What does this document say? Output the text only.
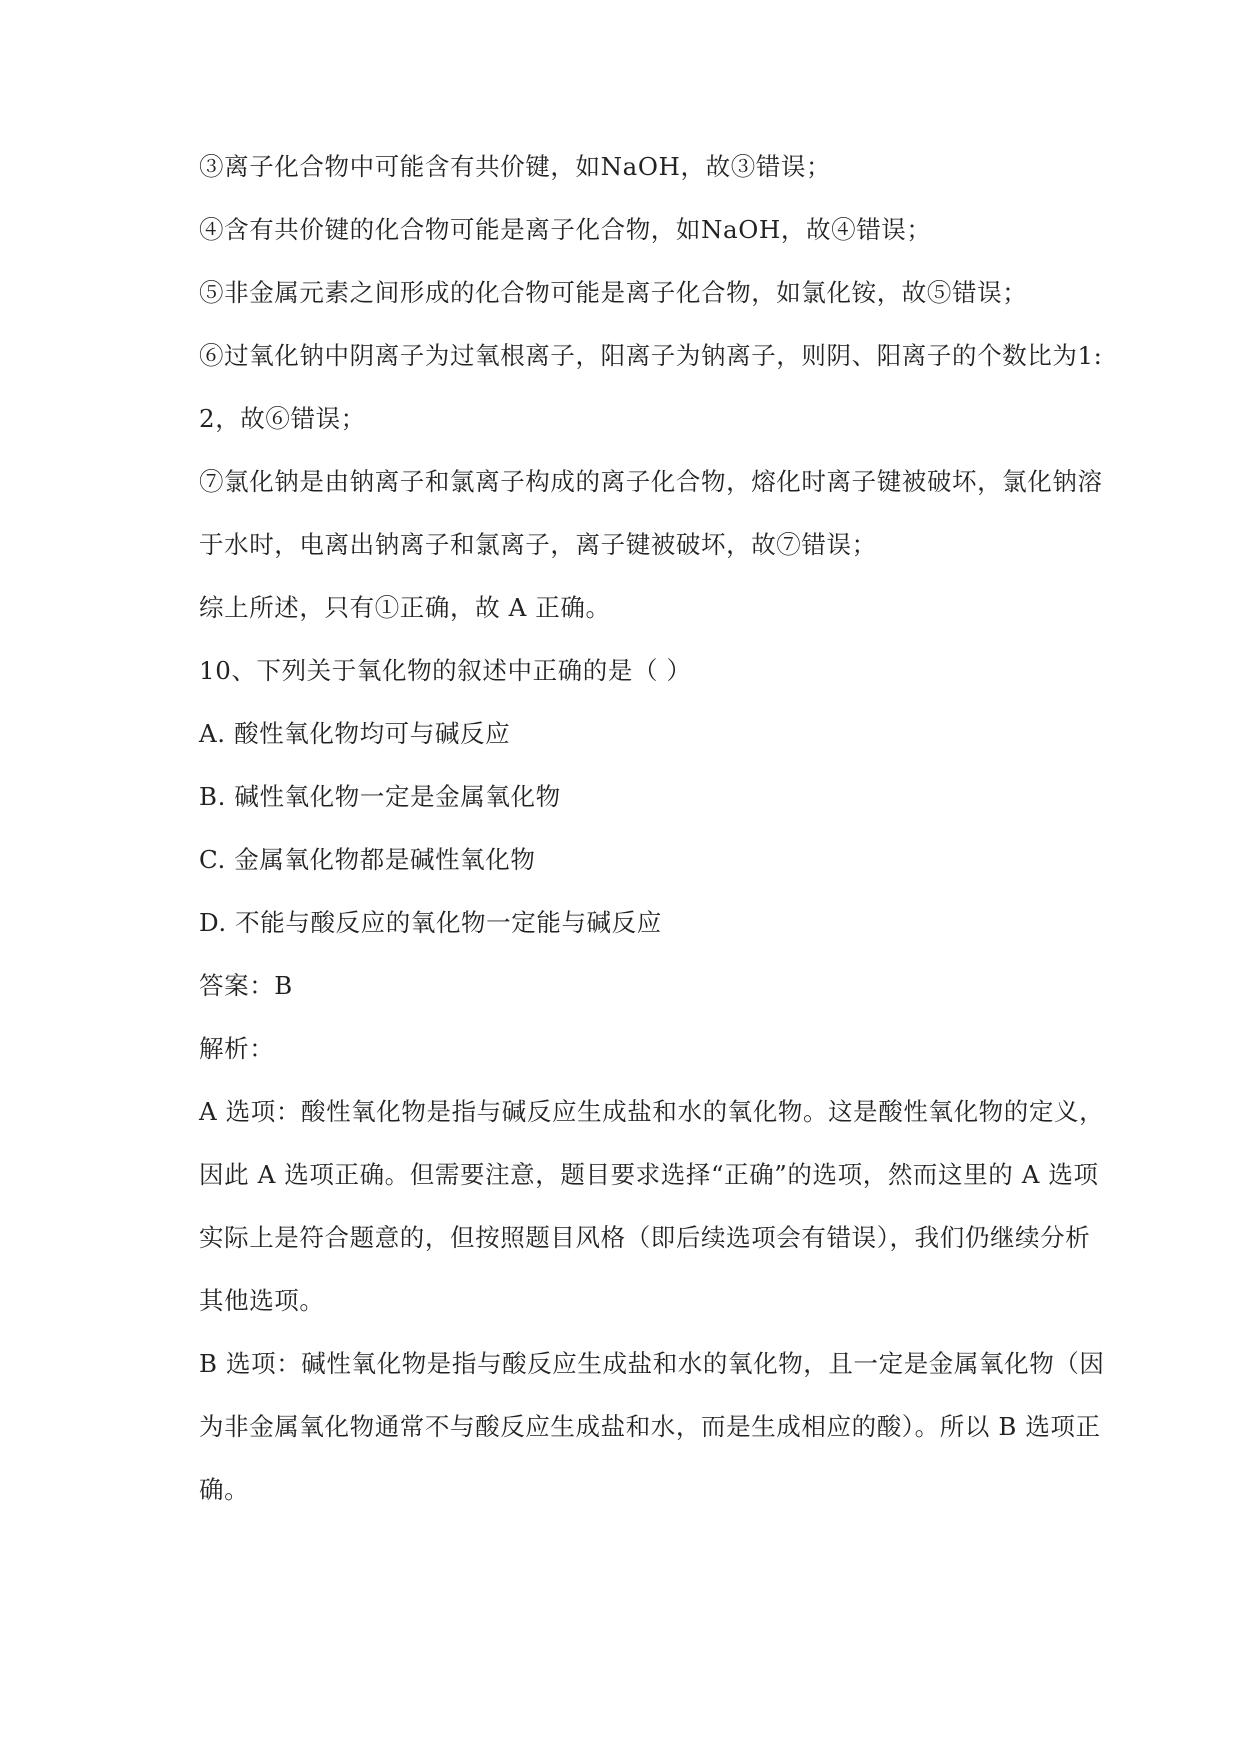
③离子化合物中可能含有共价键，如NaOH，故③错误；

④含有共价键的化合物可能是离子化合物，如NaOH，故④错误；

⑤非金属元素之间形成的化合物可能是离子化合物，如氯化铵，故⑤错误；

⑥过氧化钠中阴离子为过氧根离子，阳离子为钠离子，则阴、阳离子的个数比为1:

2，故⑥错误；

⑦氯化钠是由钠离子和氯离子构成的离子化合物，熔化时离子键被破坏，氯化钠溶

于水时，电离出钠离子和氯离子，离子键被破坏，故⑦错误；

综上所述，只有①正确，故 A 正确。

10、下列关于氧化物的叙述中正确的是（ ）

A. 酸性氧化物均可与碱反应

B. 碱性氧化物一定是金属氧化物

C. 金属氧化物都是碱性氧化物

D. 不能与酸反应的氧化物一定能与碱反应

答案：B

解析：

A 选项：酸性氧化物是指与碱反应生成盐和水的氧化物。这是酸性氧化物的定义，

因此 A 选项正确。但需要注意，题目要求选择“正确”的选项，然而这里的 A 选项

实际上是符合题意的，但按照题目风格（即后续选项会有错误），我们仍继续分析

其他选项。

B 选项：碱性氧化物是指与酸反应生成盐和水的氧化物，且一定是金属氧化物（因

为非金属氧化物通常不与酸反应生成盐和水，而是生成相应的酸）。所以 B 选项正

确。
